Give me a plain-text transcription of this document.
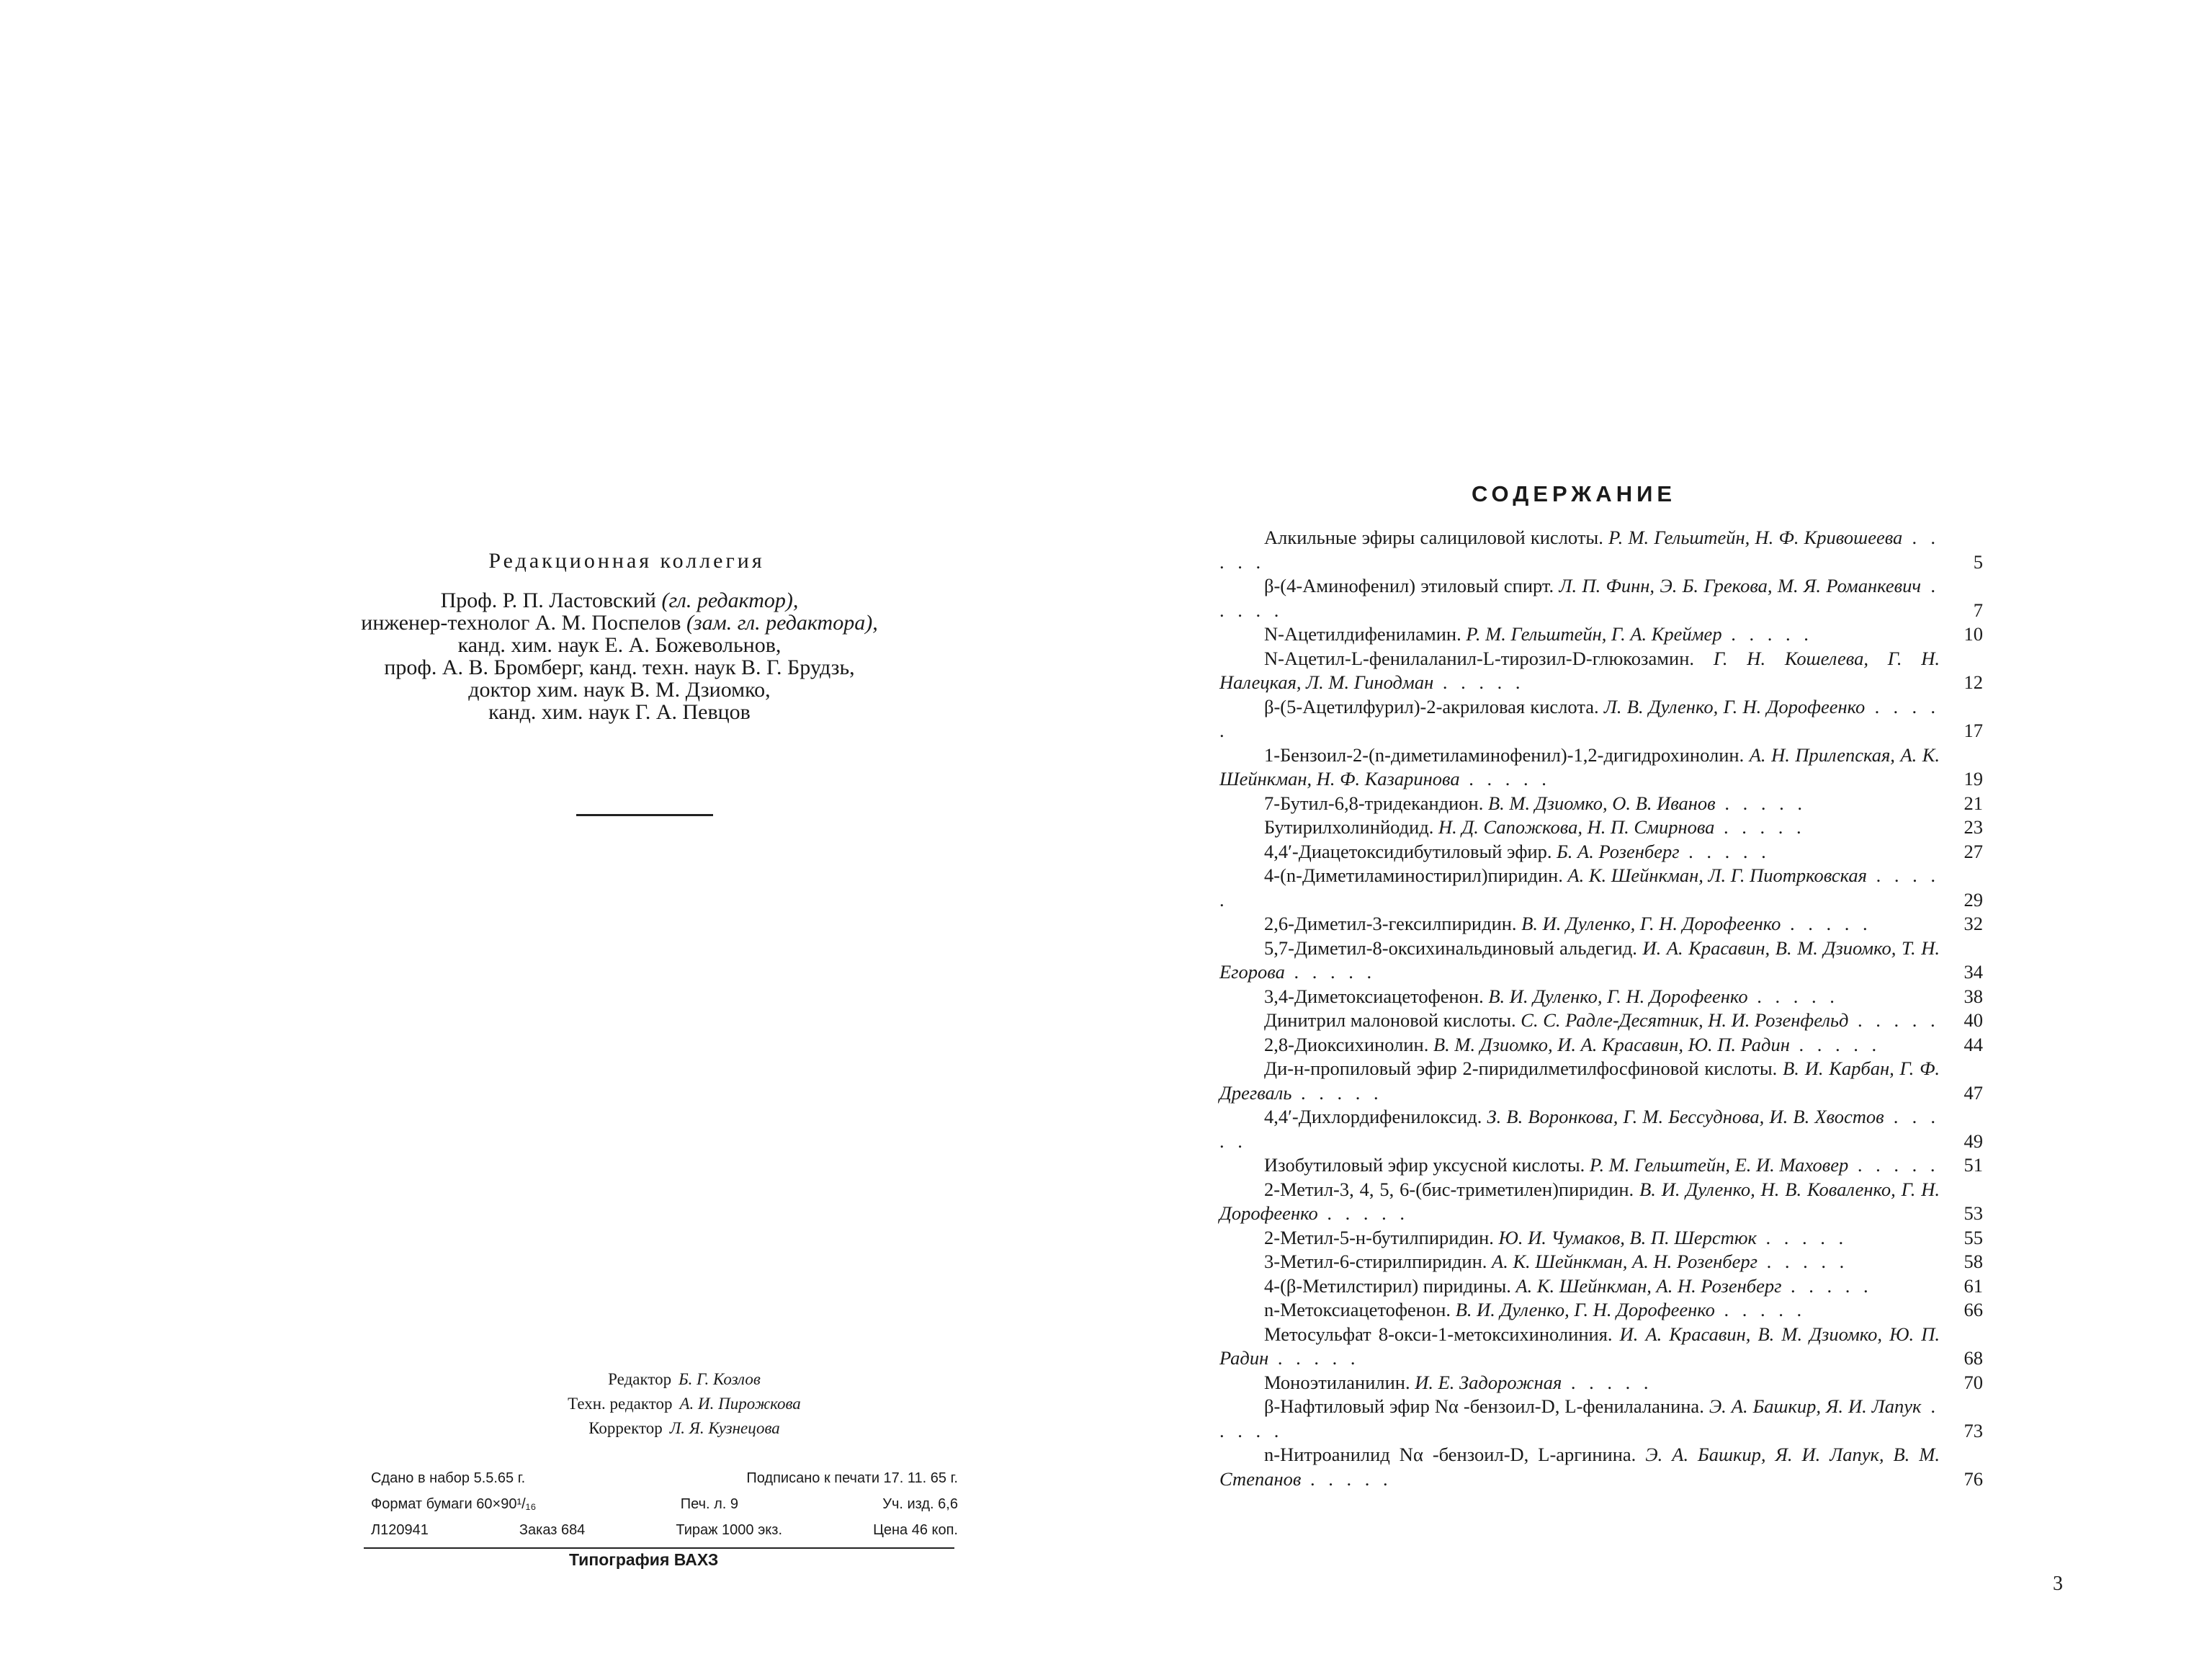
Редакционная коллегия
Проф. Р. П. Ластовский (гл. редактор),
инженер-технолог А. М. Поспелов (зам. гл. редактора),
канд. хим. наук Е. А. Божевольнов,
проф. А. В. Бромберг, канд. техн. наук В. Г. Брудзь,
доктор хим. наук В. М. Дзиомко,
канд. хим. наук Г. А. Певцов
Редактор Б. Г. Козлов
Техн. редактор А. И. Пирожкова
Корректор Л. Я. Кузнецова
Сдано в набор 5.5.65 г.	Подписано к печати 17. 11. 65 г.
Формат бумаги 60×90¹/₁₆	Печ. л. 9	Уч. изд. 6,6
Л120941	Заказ 684	Тираж 1000 экз.	Цена 46 коп.
Типография ВАХЗ
СОДЕРЖАНИЕ
Алкильные эфиры салициловой кислоты. Р. М. Гельштейн, Н. Ф. Кривошеева . . . . .	5
β-(4-Аминофенил) этиловый спирт. Л. П. Финн, Э. Б. Грекова, М. Я. Романкевич . . . . .	7
N-Ацетилдифениламин. Р. М. Гельштейн, Г. А. Креймер . . . . .	10
N-Ацетил-L-фенилаланил-L-тирозил-D-глюкозамин. Г. Н. Кошелева, Г. Н. Налецкая, Л. М. Гинодман . . . . .	12
β-(5-Ацетилфурил)-2-акриловая кислота. Л. В. Дуленко, Г. Н. Дорофеенко . . . . .	17
1-Бензоил-2-(n-диметиламинофенил)-1,2-дигидрохинолин. А. Н. Прилепская, А. К. Шейнкман, Н. Ф. Казаринова . . . . .	19
7-Бутил-6,8-тридекандион. В. М. Дзиомко, О. В. Иванов . . . . .	21
Бутирилхолинйодид. Н. Д. Сапожкова, Н. П. Смирнова . . . . .	23
4,4′-Диацетоксидибутиловый эфир. Б. А. Розенберг . . . . .	27
4-(n-Диметиламиностирил)пиридин. А. К. Шейнкман, Л. Г. Пиотрковская . . . . .	29
2,6-Диметил-3-гексилпиридин. В. И. Дуленко, Г. Н. Дорофеенко . . . . .	32
5,7-Диметил-8-оксихинальдиновый альдегид. И. А. Красавин, В. М. Дзиомко, Т. Н. Егорова . . . . .	34
3,4-Диметоксиацетофенон. В. И. Дуленко, Г. Н. Дорофеенко . . . . .	38
Динитрил малоновой кислоты. С. С. Радле-Десятник, Н. И. Розенфельд . . . . .	40
2,8-Диоксихинолин. В. М. Дзиомко, И. А. Красавин, Ю. П. Радин . . . . .	44
Ди-н-пропиловый эфир 2-пиридилметилфосфиновой кислоты. В. И. Карбан, Г. Ф. Дрегваль . . . . .	47
4,4′-Дихлордифенилоксид. З. В. Воронкова, Г. М. Бессуднова, И. В. Хвостов . . . . .	49
Изобутиловый эфир уксусной кислоты. Р. М. Гельштейн, Е. И. Маховер . . . . .	51
2-Метил-3, 4, 5, 6-(бис-триметилен)пиридин. В. И. Дуленко, Н. В. Коваленко, Г. Н. Дорофеенко . . . . .	53
2-Метил-5-н-бутилпиридин. Ю. И. Чумаков, В. П. Шерстюк . . . . .	55
3-Метил-6-стирилпиридин. А. К. Шейнкман, А. Н. Розенберг . . . . .	58
4-(β-Метилстирил) пиридины. А. К. Шейнкман, А. Н. Розенберг . . . . .	61
n-Метоксиацетофенон. В. И. Дуленко, Г. Н. Дорофеенко . . . . .	66
Метосульфат 8-окси-1-метоксихинолиния. И. А. Красавин, В. М. Дзиомко, Ю. П. Радин . . . . .	68
Моноэтиланилин. И. Е. Задорожная . . . . .	70
β-Нафтиловый эфир Nα -бензоил-D, L-фенилаланина. Э. А. Башкир, Я. И. Лапук . . . . .	73
n-Нитроанилид Nα -бензоил-D, L-аргинина. Э. А. Башкир, Я. И. Лапук, В. М. Степанов . . . . .	76
3
